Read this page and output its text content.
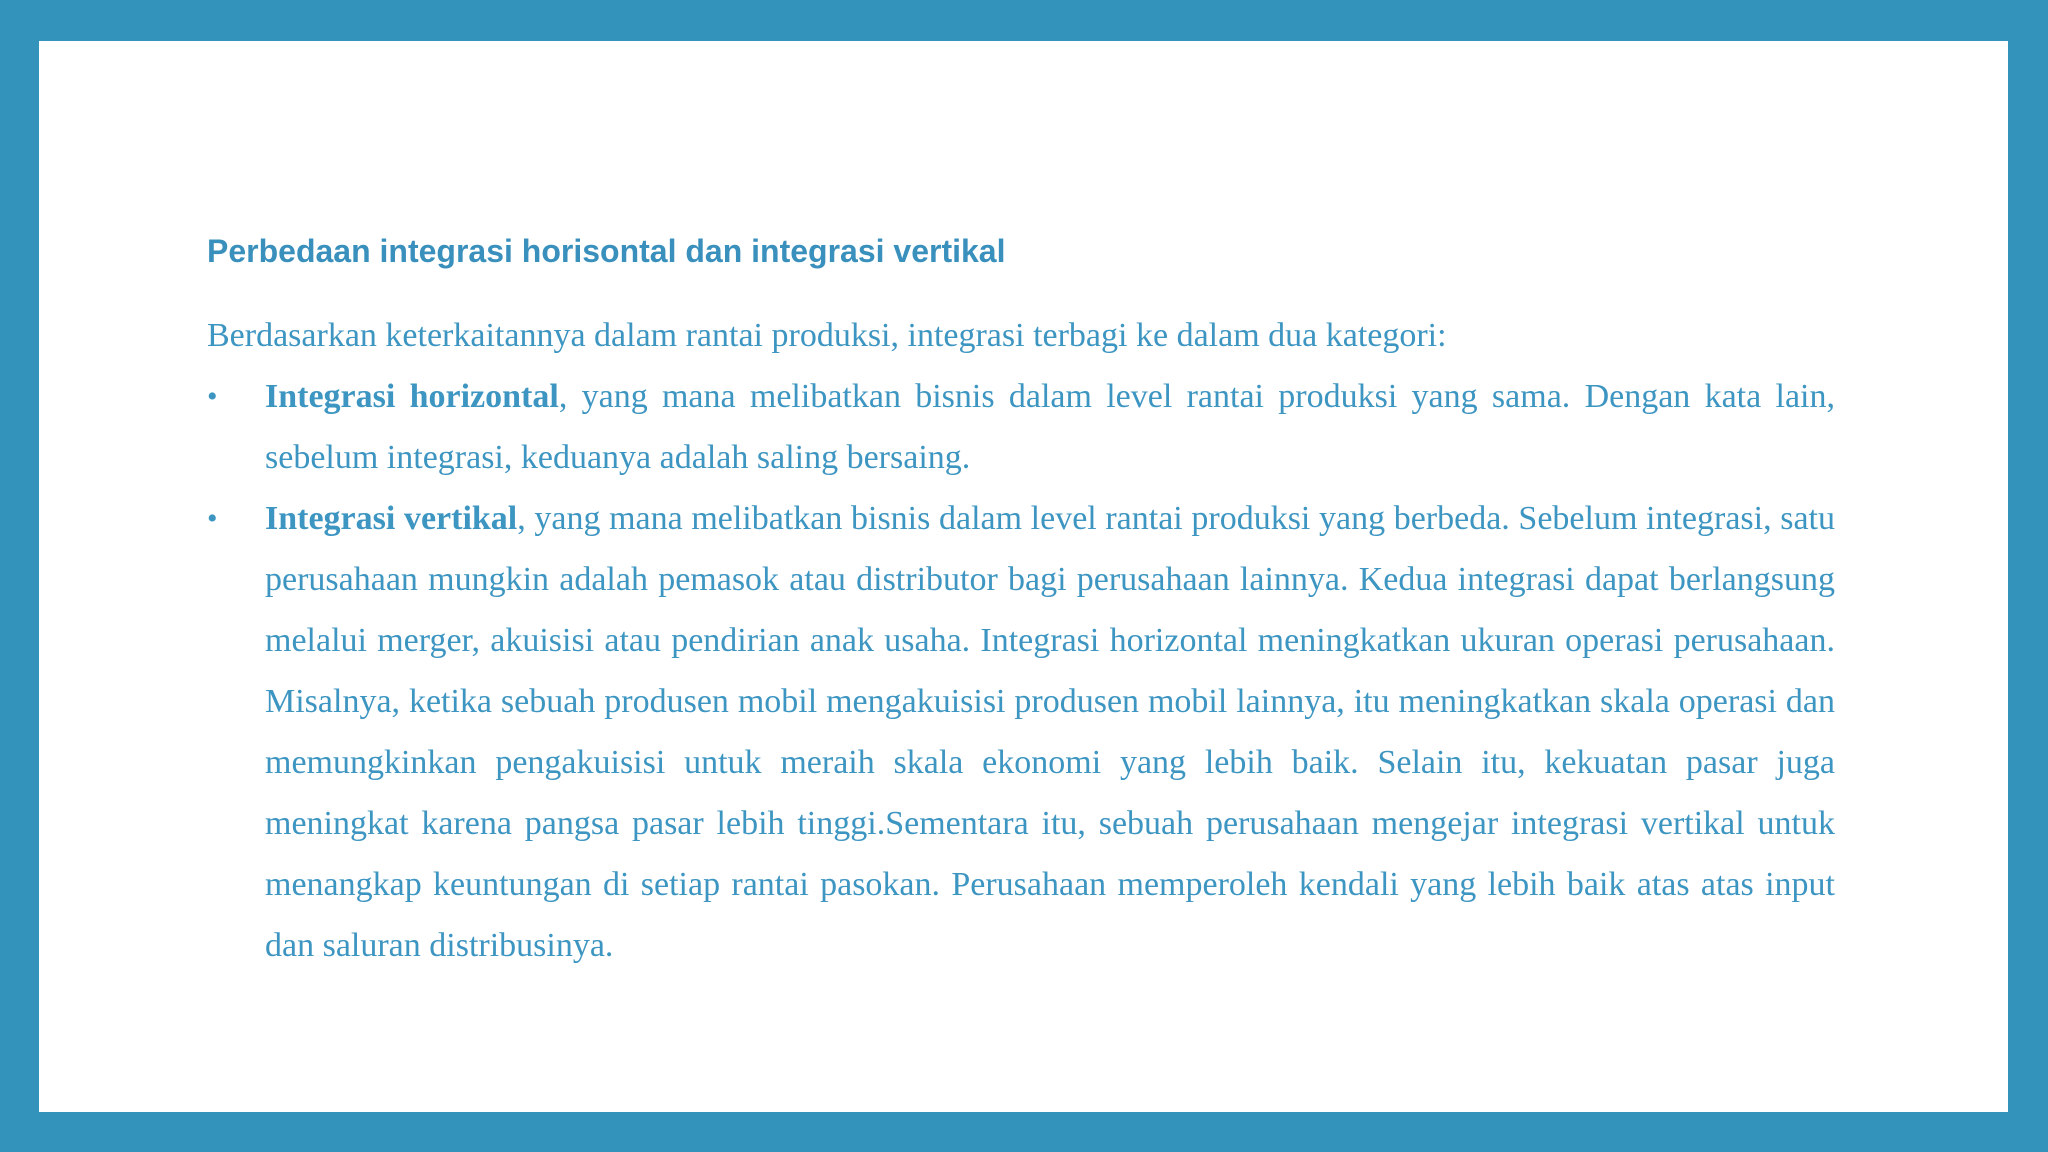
Perbedaan integrasi horisontal dan integrasi vertikal

Berdasarkan keterkaitannya dalam rantai produksi, integrasi terbagi ke dalam dua kategori:

• Integrasi horizontal, yang mana melibatkan bisnis dalam level rantai produksi yang sama. Dengan kata lain, sebelum integrasi, keduanya adalah saling bersaing.
• Integrasi vertikal, yang mana melibatkan bisnis dalam level rantai produksi yang berbeda. Sebelum integrasi, satu perusahaan mungkin adalah pemasok atau distributor bagi perusahaan lainnya. Kedua integrasi dapat berlangsung melalui merger, akuisisi atau pendirian anak usaha. Integrasi horizontal meningkatkan ukuran operasi perusahaan. Misalnya, ketika sebuah produsen mobil mengakuisisi produsen mobil lainnya, itu meningkatkan skala operasi dan memungkinkan pengakuisisi untuk meraih skala ekonomi yang lebih baik. Selain itu, kekuatan pasar juga meningkat karena pangsa pasar lebih tinggi.Sementara itu, sebuah perusahaan mengejar integrasi vertikal untuk menangkap keuntungan di setiap rantai pasokan. Perusahaan memperoleh kendali yang lebih baik atas atas input dan saluran distribusinya.
